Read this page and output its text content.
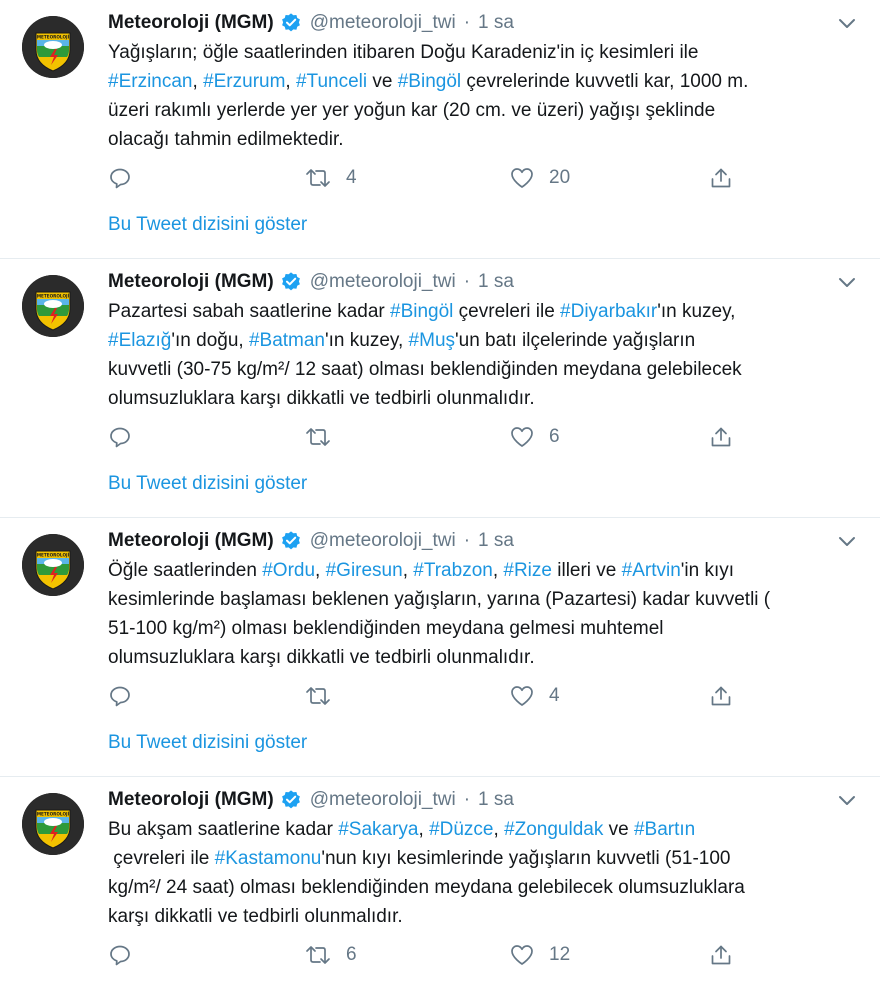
METEOROLOJİ
Meteoroloji (MGM) @meteoroloji_twi · 1 sa
Yağışların; öğle saatlerinden itibaren Doğu Karadeniz'in iç kesimleri ile
#Erzincan, #Erzurum, #Tunceli ve #Bingöl çevrelerinde kuvvetli kar, 1000 m.
üzeri rakımlı yerlerde yer yer yoğun kar (20 cm. ve üzeri) yağışı şeklinde
olacağı tahmin edilmektedir.
4	20
Bu Tweet dizisini göster
METEOROLOJİ
Meteoroloji (MGM) @meteoroloji_twi · 1 sa
Pazartesi sabah saatlerine kadar #Bingöl çevreleri ile #Diyarbakır'ın kuzey,
#Elazığ'ın doğu, #Batman'ın kuzey, #Muş'un batı ilçelerinde yağışların
kuvvetli (30-75 kg/m²/ 12 saat) olması beklendiğinden meydana gelebilecek
olumsuzluklara karşı dikkatli ve tedbirli olunmalıdır.
6
Bu Tweet dizisini göster
METEOROLOJİ
Meteoroloji (MGM) @meteoroloji_twi · 1 sa
Öğle saatlerinden #Ordu, #Giresun, #Trabzon, #Rize illeri ve #Artvin'in kıyı
kesimlerinde başlaması beklenen yağışların, yarına (Pazartesi) kadar kuvvetli (
51-100 kg/m²) olması beklendiğinden meydana gelmesi muhtemel
olumsuzluklara karşı dikkatli ve tedbirli olunmalıdır.
4
Bu Tweet dizisini göster
METEOROLOJİ
Meteoroloji (MGM) @meteoroloji_twi · 1 sa
Bu akşam saatlerine kadar #Sakarya, #Düzce, #Zonguldak ve #Bartın
çevreleri ile #Kastamonu'nun kıyı kesimlerinde yağışların kuvvetli (51-100
kg/m²/ 24 saat) olması beklendiğinden meydana gelebilecek olumsuzluklara
karşı dikkatli ve tedbirli olunmalıdır.
6	12
